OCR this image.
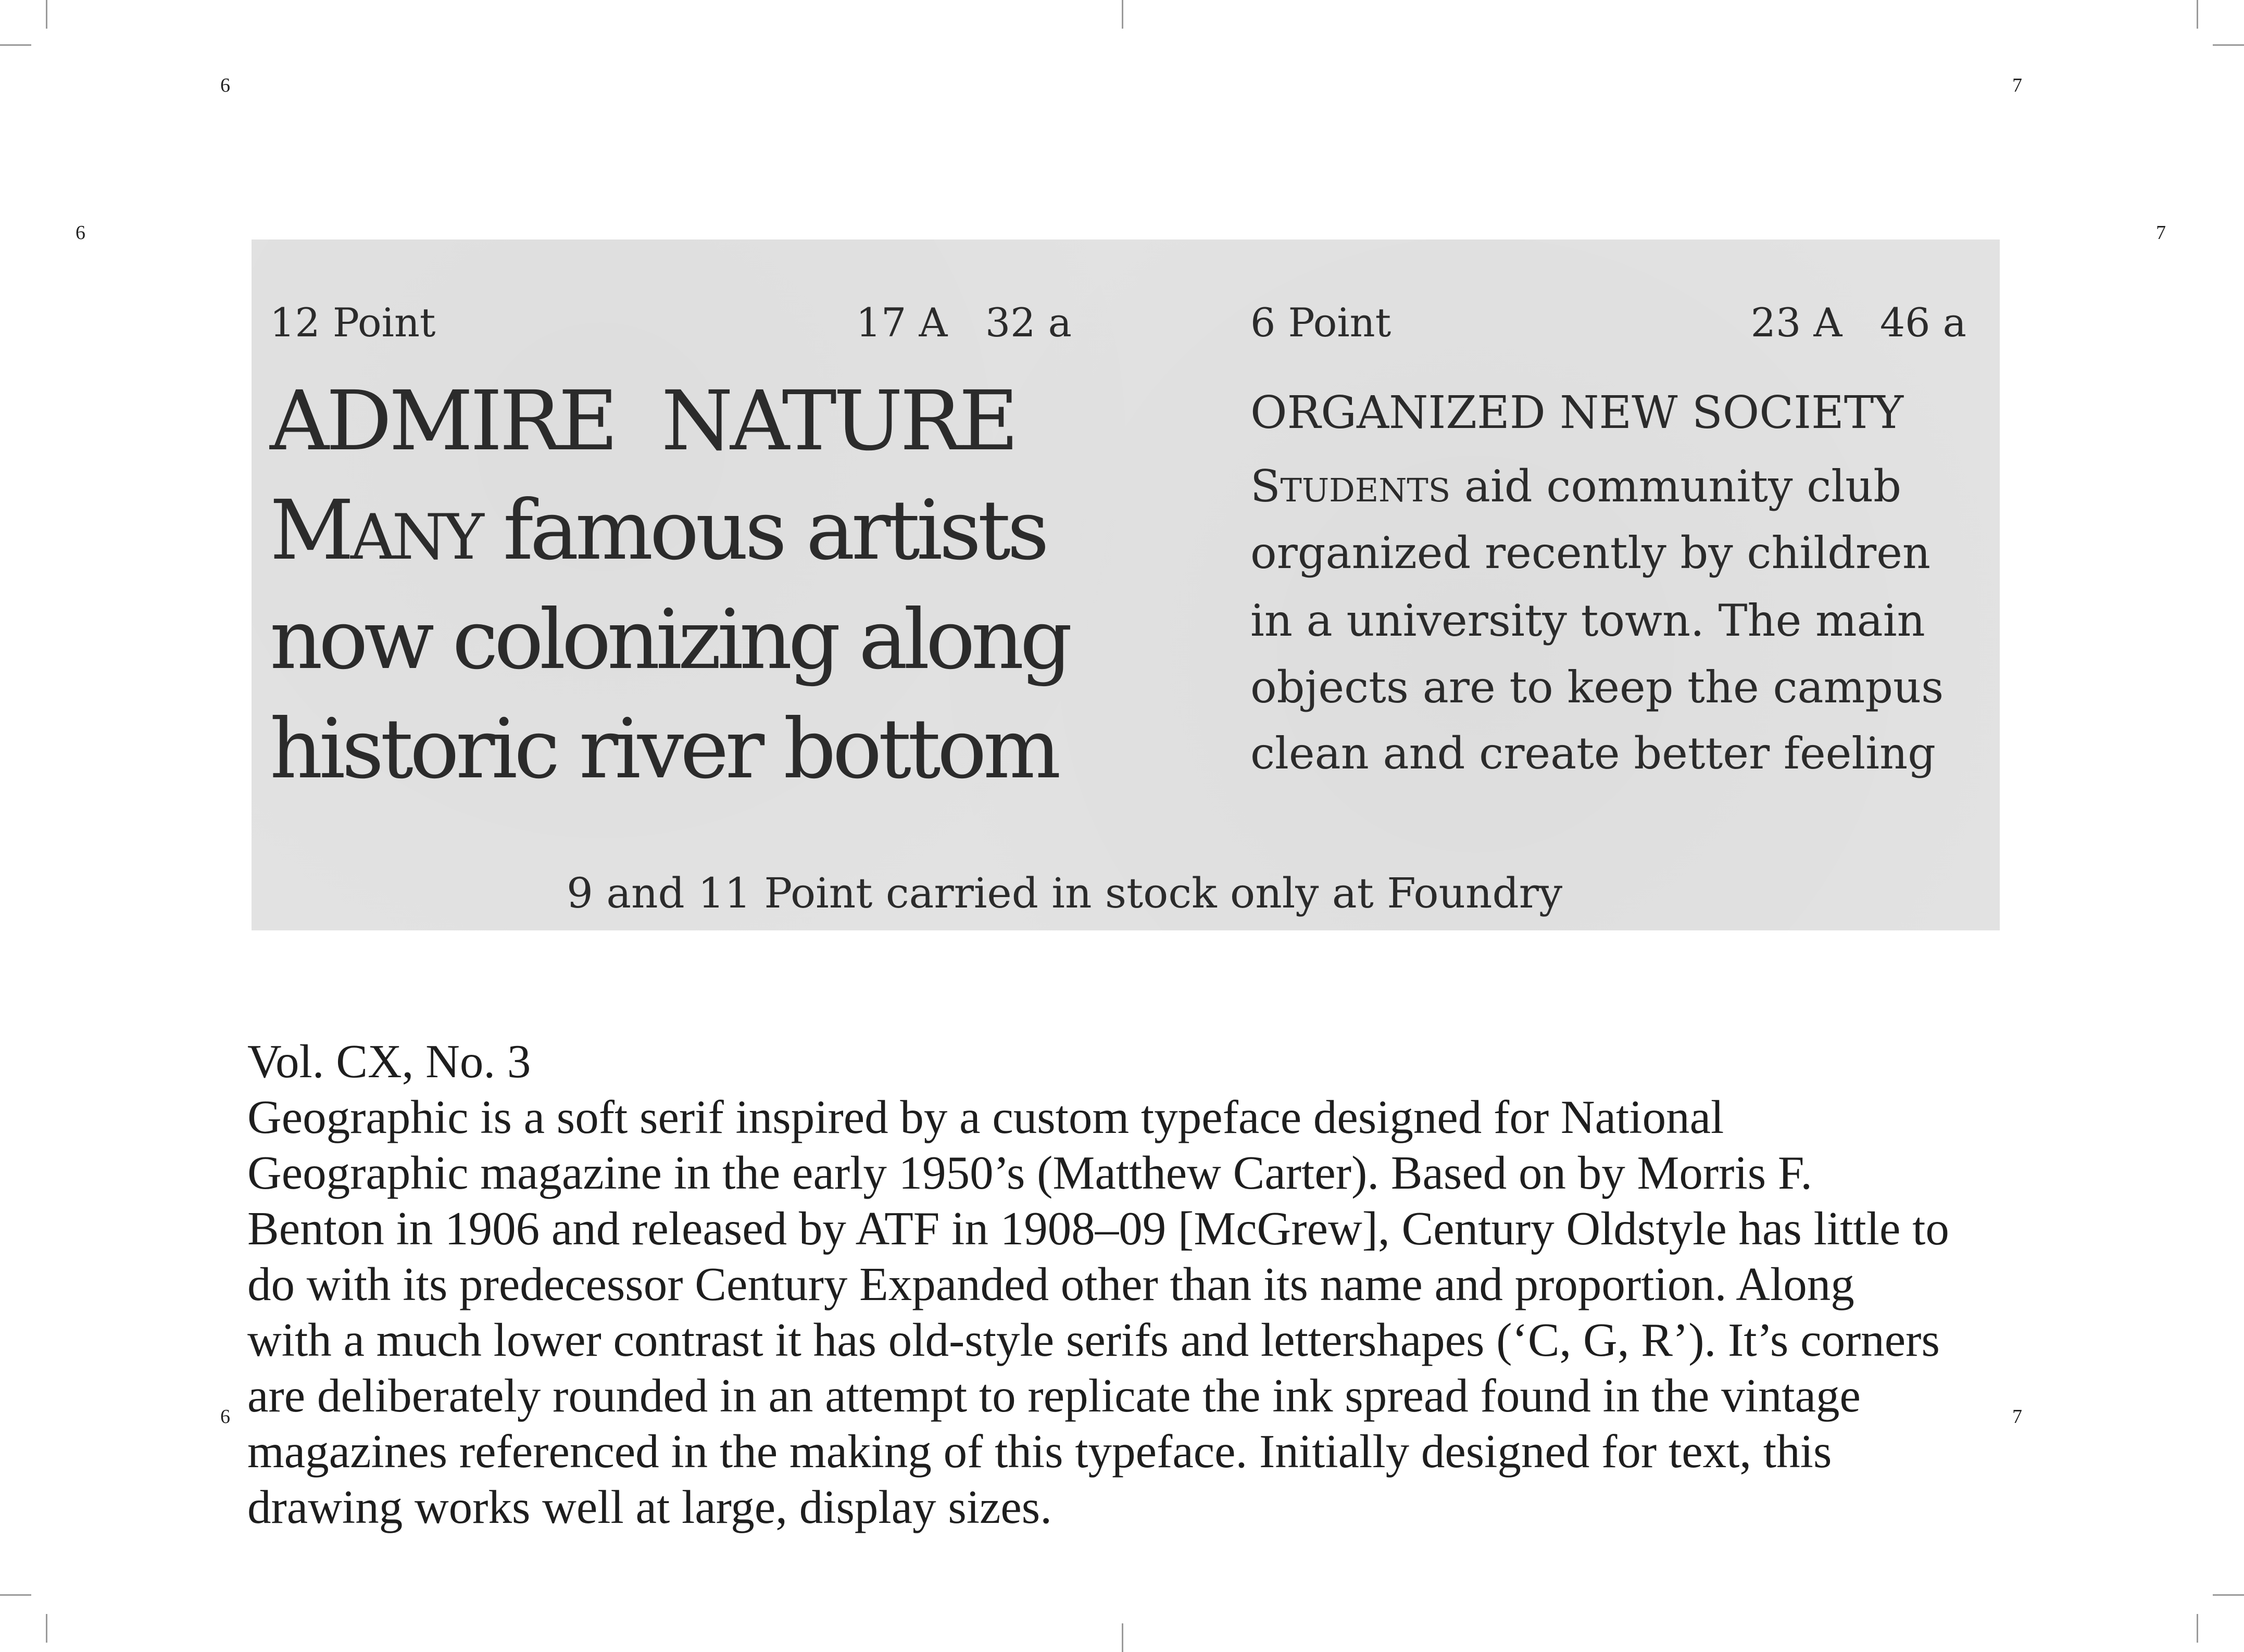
6	7
6	7
6	7
12 Point	17 A   32 a
ADMIRE  NATURE
MANY famous artists
now colonizing along
historic river bottom
6 Point	23 A   46 a
ORGANIZED NEW SOCIETY
STUDENTS aid community club
organized recently by children
in a university town. The main
objects are to keep the campus
clean and create better feeling
9 and 11 Point carried in stock only at Foundry
Vol. CX, No. 3
Geographic is a soft serif inspired by a custom typeface designed for National
Geographic magazine in the early 1950’s (Matthew Carter). Based on by Morris F.
Benton in 1906 and released by ATF in 1908–09 [McGrew], Century Oldstyle has little to
do with its predecessor Century Expanded other than its name and proportion. Along
with a much lower contrast it has old-style serifs and lettershapes (‘C, G, R’). It’s corners
are deliberately rounded in an attempt to replicate the ink spread found in the vintage
magazines referenced in the making of this typeface. Initially designed for text, this
drawing works well at large, display sizes.
